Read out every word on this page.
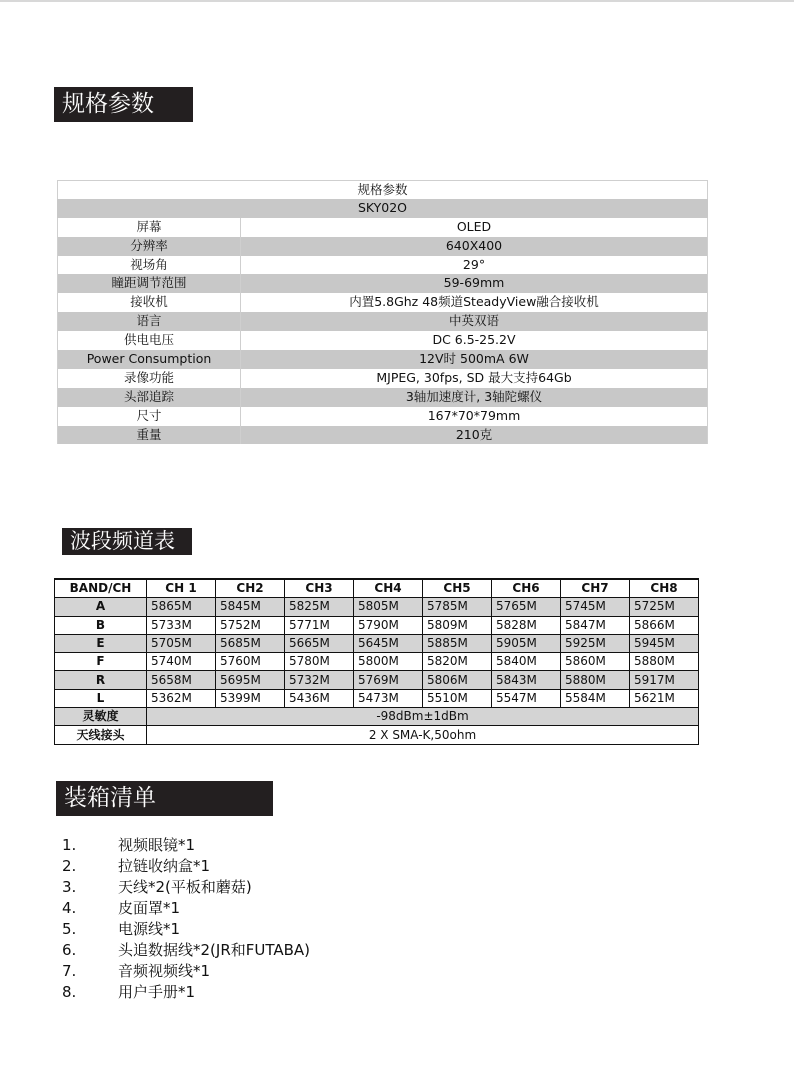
规格参数
规格参数
SKY02O
屏幕	OLED
分辨率	640X400
视场角	29°
瞳距调节范围	59-69mm
接收机	内置5.8Ghz 48频道SteadyView融合接收机
语言	中英双语
供电电压	DC 6.5-25.2V
Power Consumption	12V时 500mA 6W
录像功能	MJPEG, 30fps, SD 最大支持64Gb
头部追踪	3轴加速度计, 3轴陀螺仪
尺寸	167*70*79mm
重量	210克
波段频道表
BAND/CH	CH 1	CH2	CH3	CH4	CH5	CH6	CH7	CH8
A	5865M	5845M	5825M	5805M	5785M	5765M	5745M	5725M
B	5733M	5752M	5771M	5790M	5809M	5828M	5847M	5866M
E	5705M	5685M	5665M	5645M	5885M	5905M	5925M	5945M
F	5740M	5760M	5780M	5800M	5820M	5840M	5860M	5880M
R	5658M	5695M	5732M	5769M	5806M	5843M	5880M	5917M
L	5362M	5399M	5436M	5473M	5510M	5547M	5584M	5621M
灵敏度	-98dBm±1dBm							
天线接头	2 X SMA-K,50ohm							
装箱清单
1.	视频眼镜*1
2.	拉链收纳盒*1
3.	天线*2(平板和蘑菇)
4.	皮面罩*1
5.	电源线*1
6.	头追数据线*2(JR和FUTABA)
7.	音频视频线*1
8.	用户手册*1
